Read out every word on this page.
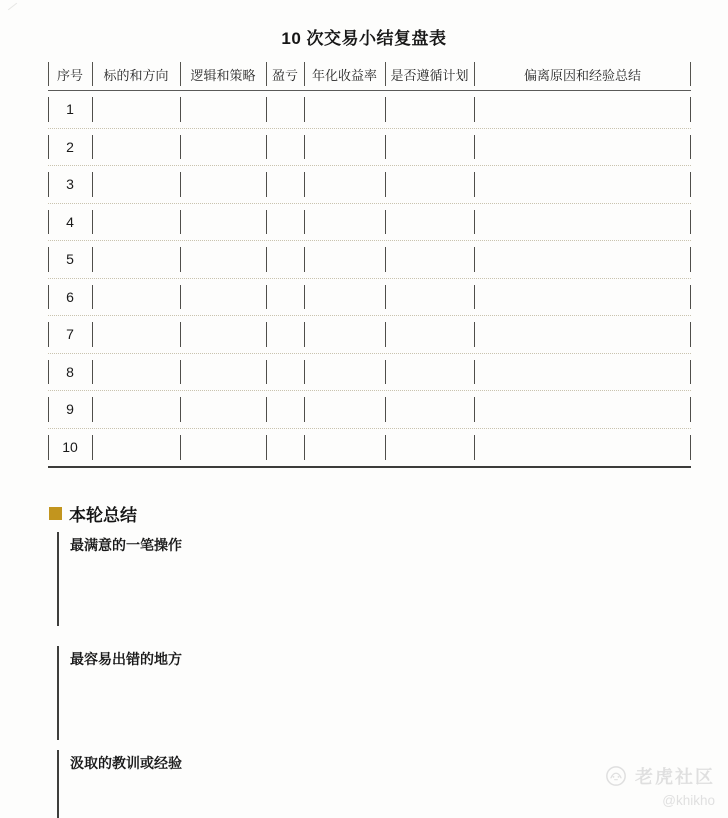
10 次交易小结复盘表
序号	标的和方向	逻辑和策略	盈亏	年化收益率	是否遵循计划	偏离原因和经验总结
1
2
3
4
5
6
7
8
9
10
本轮总结
最满意的一笔操作
最容易出错的地方
汲取的教训或经验
老虎社区
@khikho
